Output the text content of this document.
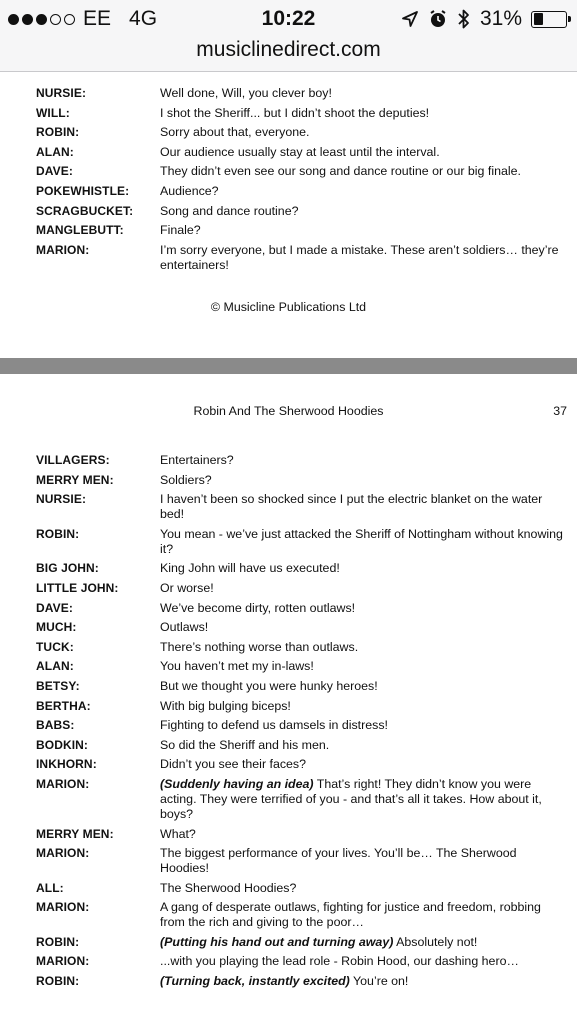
EE 4G	10:22	31%
musiclinedirect.com
NURSIE:	Well done, Will, you clever boy!
WILL:	I shot the Sheriff... but I didn’t shoot the deputies!
ROBIN:	Sorry about that, everyone.
ALAN:	Our audience usually stay at least until the interval.
DAVE:	They didn’t even see our song and dance routine or our big finale.
POKEWHISTLE:	Audience?
SCRAGBUCKET:	Song and dance routine?
MANGLEBUTT:	Finale?
MARION:	I’m sorry everyone, but I made a mistake. These aren’t soldiers… they’re entertainers!
© Musicline Publications Ltd
Robin And The Sherwood Hoodies	37
VILLAGERS:	Entertainers?
MERRY MEN:	Soldiers?
NURSIE:	I haven’t been so shocked since I put the electric blanket on the water bed!
ROBIN:	You mean - we’ve just attacked the Sheriff of Nottingham without knowing it?
BIG JOHN:	King John will have us executed!
LITTLE JOHN:	Or worse!
DAVE:	We’ve become dirty, rotten outlaws!
MUCH:	Outlaws!
TUCK:	There’s nothing worse than outlaws.
ALAN:	You haven’t met my in-laws!
BETSY:	But we thought you were hunky heroes!
BERTHA:	With big bulging biceps!
BABS:	Fighting to defend us damsels in distress!
BODKIN:	So did the Sheriff and his men.
INKHORN:	Didn’t you see their faces?
MARION:	(Suddenly having an idea) That’s right! They didn’t know you were acting. They were terrified of you - and that’s all it takes. How about it, boys?
MERRY MEN:	What?
MARION:	The biggest performance of your lives. You’ll be… The Sherwood Hoodies!
ALL:	The Sherwood Hoodies?
MARION:	A gang of desperate outlaws, fighting for justice and freedom, robbing from the rich and giving to the poor…
ROBIN:	(Putting his hand out and turning away) Absolutely not!
MARION:	...with you playing the lead role - Robin Hood, our dashing hero…
ROBIN:	(Turning back, instantly excited) You’re on!
